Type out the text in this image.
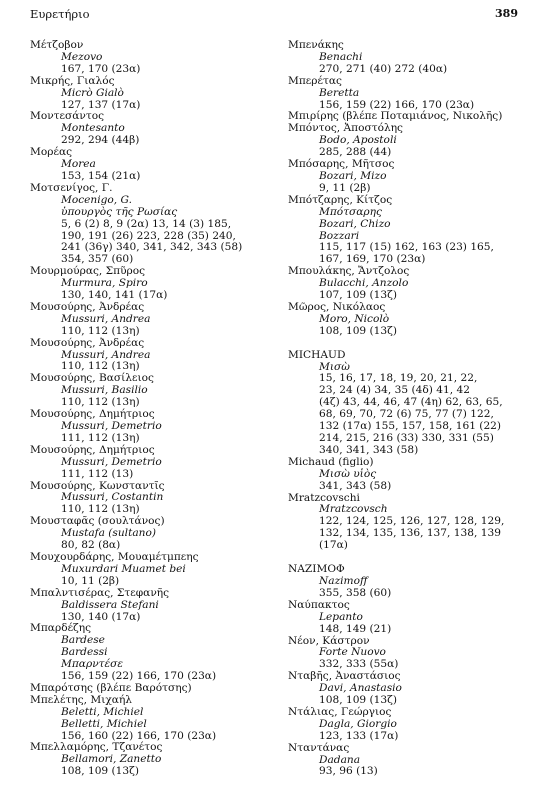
Ευρετήριο	389
Μέτζοβον
Mezovo
167, 170 (23α)
Μικρής, Γιαλός
Micrò Gialò
127, 137 (17α)
Μοντεσάντος
Montesanto
292, 294 (44β)
Μορέας
Morea
153, 154 (21α)
Μοτσενίγος, Γ.
Mocenigo, G.
ὑπουργὸς τῆς Ρωσίας
5, 6 (2) 8, 9 (2α) 13, 14 (3) 185,
190, 191 (26) 223, 228 (35) 240,
241 (36γ) 340, 341, 342, 343 (58)
354, 357 (60)
Μουρμούρας, Σπῦρος
Murmura, Spiro
130, 140, 141 (17α)
Μουσούρης, Ἀνδρέας
Mussuri, Andrea
110, 112 (13η)
Μουσούρης, Ἀνδρέας
Mussuri, Andrea
110, 112 (13η)
Μουσούρης, Βασίλειος
Mussuri, Basilio
110, 112 (13η)
Μουσούρης, Δημήτριος
Mussuri, Demetrio
111, 112 (13η)
Μουσούρης, Δημήτριος
Mussuri, Demetrio
111, 112 (13)
Μουσούρης, Κωνσταντῖς
Mussuri, Costantin
110, 112 (13η)
Μουσταφᾶς (σουλτάνος)
Mustafa (sultano)
80, 82 (8α)
Μουχουρδάρης, Μουαμέτμπεης
Muxurdari Muamet bei
10, 11 (2β)
Μπαλντισέρας, Στεφανῆς
Baldissera Stefani
130, 140 (17α)
Μπαρδέζης
Bardese
Bardessi
Μπαρντέσε
156, 159 (22) 166, 170 (23α)
Μπαρότσης (βλέπε Βαρότσης)
Μπελέτης, Μιχαήλ
Beletti, Michiel
Belletti, Michiel
156, 160 (22) 166, 170 (23α)
Μπελλαμόρης, Τζανέτος
Bellamori, Zanetto
108, 109 (13ζ)
Μπενάκης
Benachi
270, 271 (40) 272 (40α)
Μπερέτας
Beretta
156, 159 (22) 166, 170 (23α)
Μπιρίρης (βλέπε Ποταμιάνος, Νικολῆς)
Μπόντος, Ἀποστόλης
Bodo, Apostoli
285, 288 (44)
Μπόσαρης, Μῆτσος
Bozari, Mizo
9, 11 (2β)
Μπότζαρης, Κίτζος
Μπότσαρης
Bozari, Chizo
Bozzari
115, 117 (15) 162, 163 (23) 165,
167, 169, 170 (23α)
Μπουλάκης, Ἄντζολος
Bulacchi, Anzolo
107, 109 (13ζ)
Μῶρος, Νικόλαος
Moro, Nicolò
108, 109 (13ζ)
MICHAUD
Μισὼ
15, 16, 17, 18, 19, 20, 21, 22,
23, 24 (4) 34, 35 (4δ) 41, 42
(4ζ) 43, 44, 46, 47 (4η) 62, 63, 65,
68, 69, 70, 72 (6) 75, 77 (7) 122,
132 (17α) 155, 157, 158, 161 (22)
214, 215, 216 (33) 330, 331 (55)
340, 341, 343 (58)
Michaud (figlio)
Μισὼ υἱὸς
341, 343 (58)
Mratzcovschi
Mratzcovsch
122, 124, 125, 126, 127, 128, 129,
132, 134, 135, 136, 137, 138, 139
(17α)
NAZIMOΦ
Nazimoff
355, 358 (60)
Ναύπακτος
Lepanto
148, 149 (21)
Νέον, Κάστρον
Forte Nuovo
332, 333 (55α)
Νταβῆς, Ἀναστάσιος
Davi, Anastasio
108, 109 (13ζ)
Ντάλιας, Γεώργιος
Dagla, Giorgio
123, 133 (17α)
Νταντάνας
Dadana
93, 96 (13)
